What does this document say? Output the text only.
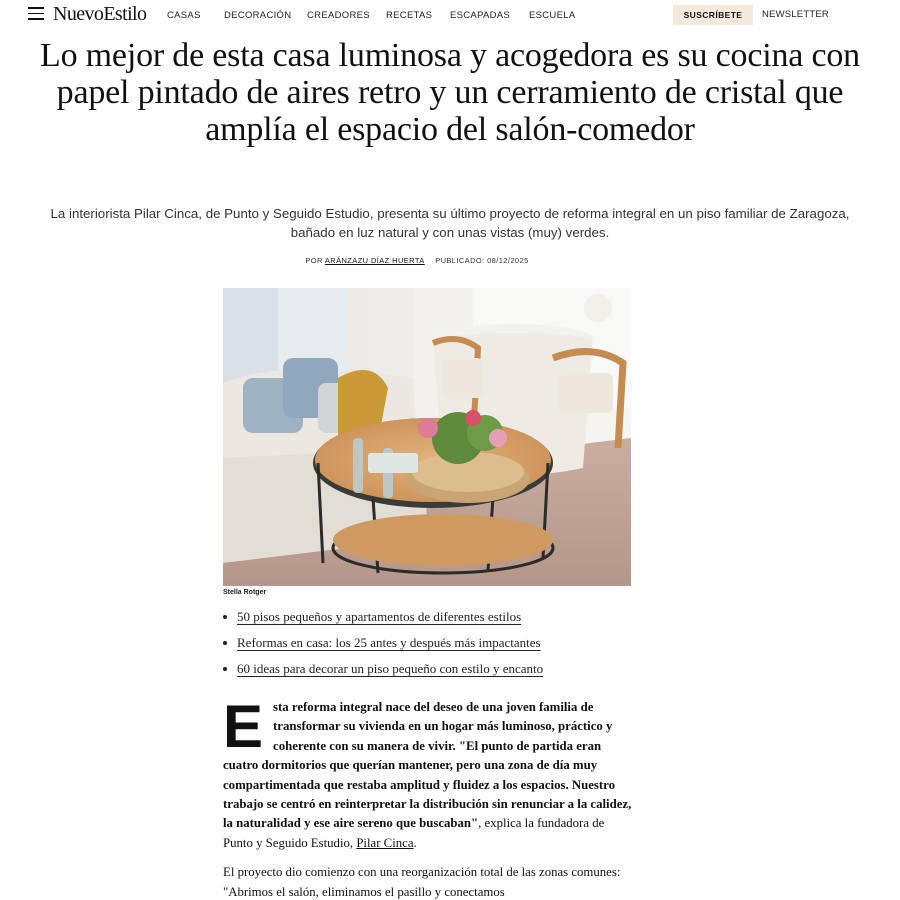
NuevoEstilo CASAS	DECORACIÓN	CREADORES	RECETAS	ESCAPADAS	ESCUELA	SUSCRÍBETE	NEWSLETTER
Lo mejor de esta casa luminosa y acogedora es su cocina con papel pintado de aires retro y un cerramiento de cristal que amplía el espacio del salón-comedor

La interiorista Pilar Cinca, de Punto y Seguido Estudio, presenta su último proyecto de reforma integral en un piso familiar de Zaragoza, bañado en luz natural y con unas vistas (muy) verdes.

POR ARÁNZAZU DÍAZ HUERTA PUBLICADO: 08/12/2025
Stella Rotger
50 pisos pequeños y apartamentos de diferentes estilos
Reformas en casa: los 25 antes y después más impactantes
60 ideas para decorar un piso pequeño con estilo y encanto

E sta reforma integral nace del deseo de una joven familia de transformar su vivienda en un hogar más luminoso, práctico y coherente con su manera de vivir. "El punto de partida eran cuatro dormitorios que querían mantener, pero una zona de día muy compartimentada que restaba amplitud y fluidez a los espacios. Nuestro trabajo se centró en reinterpretar la distribución sin renunciar a la calidez, la naturalidad y ese aire sereno que buscaban", explica la fundadora de Punto y Seguido Estudio, Pilar Cinca.

El proyecto dio comienzo con una reorganización total de las zonas comunes: "Abrimos el salón, eliminamos el pasillo y conectamos
